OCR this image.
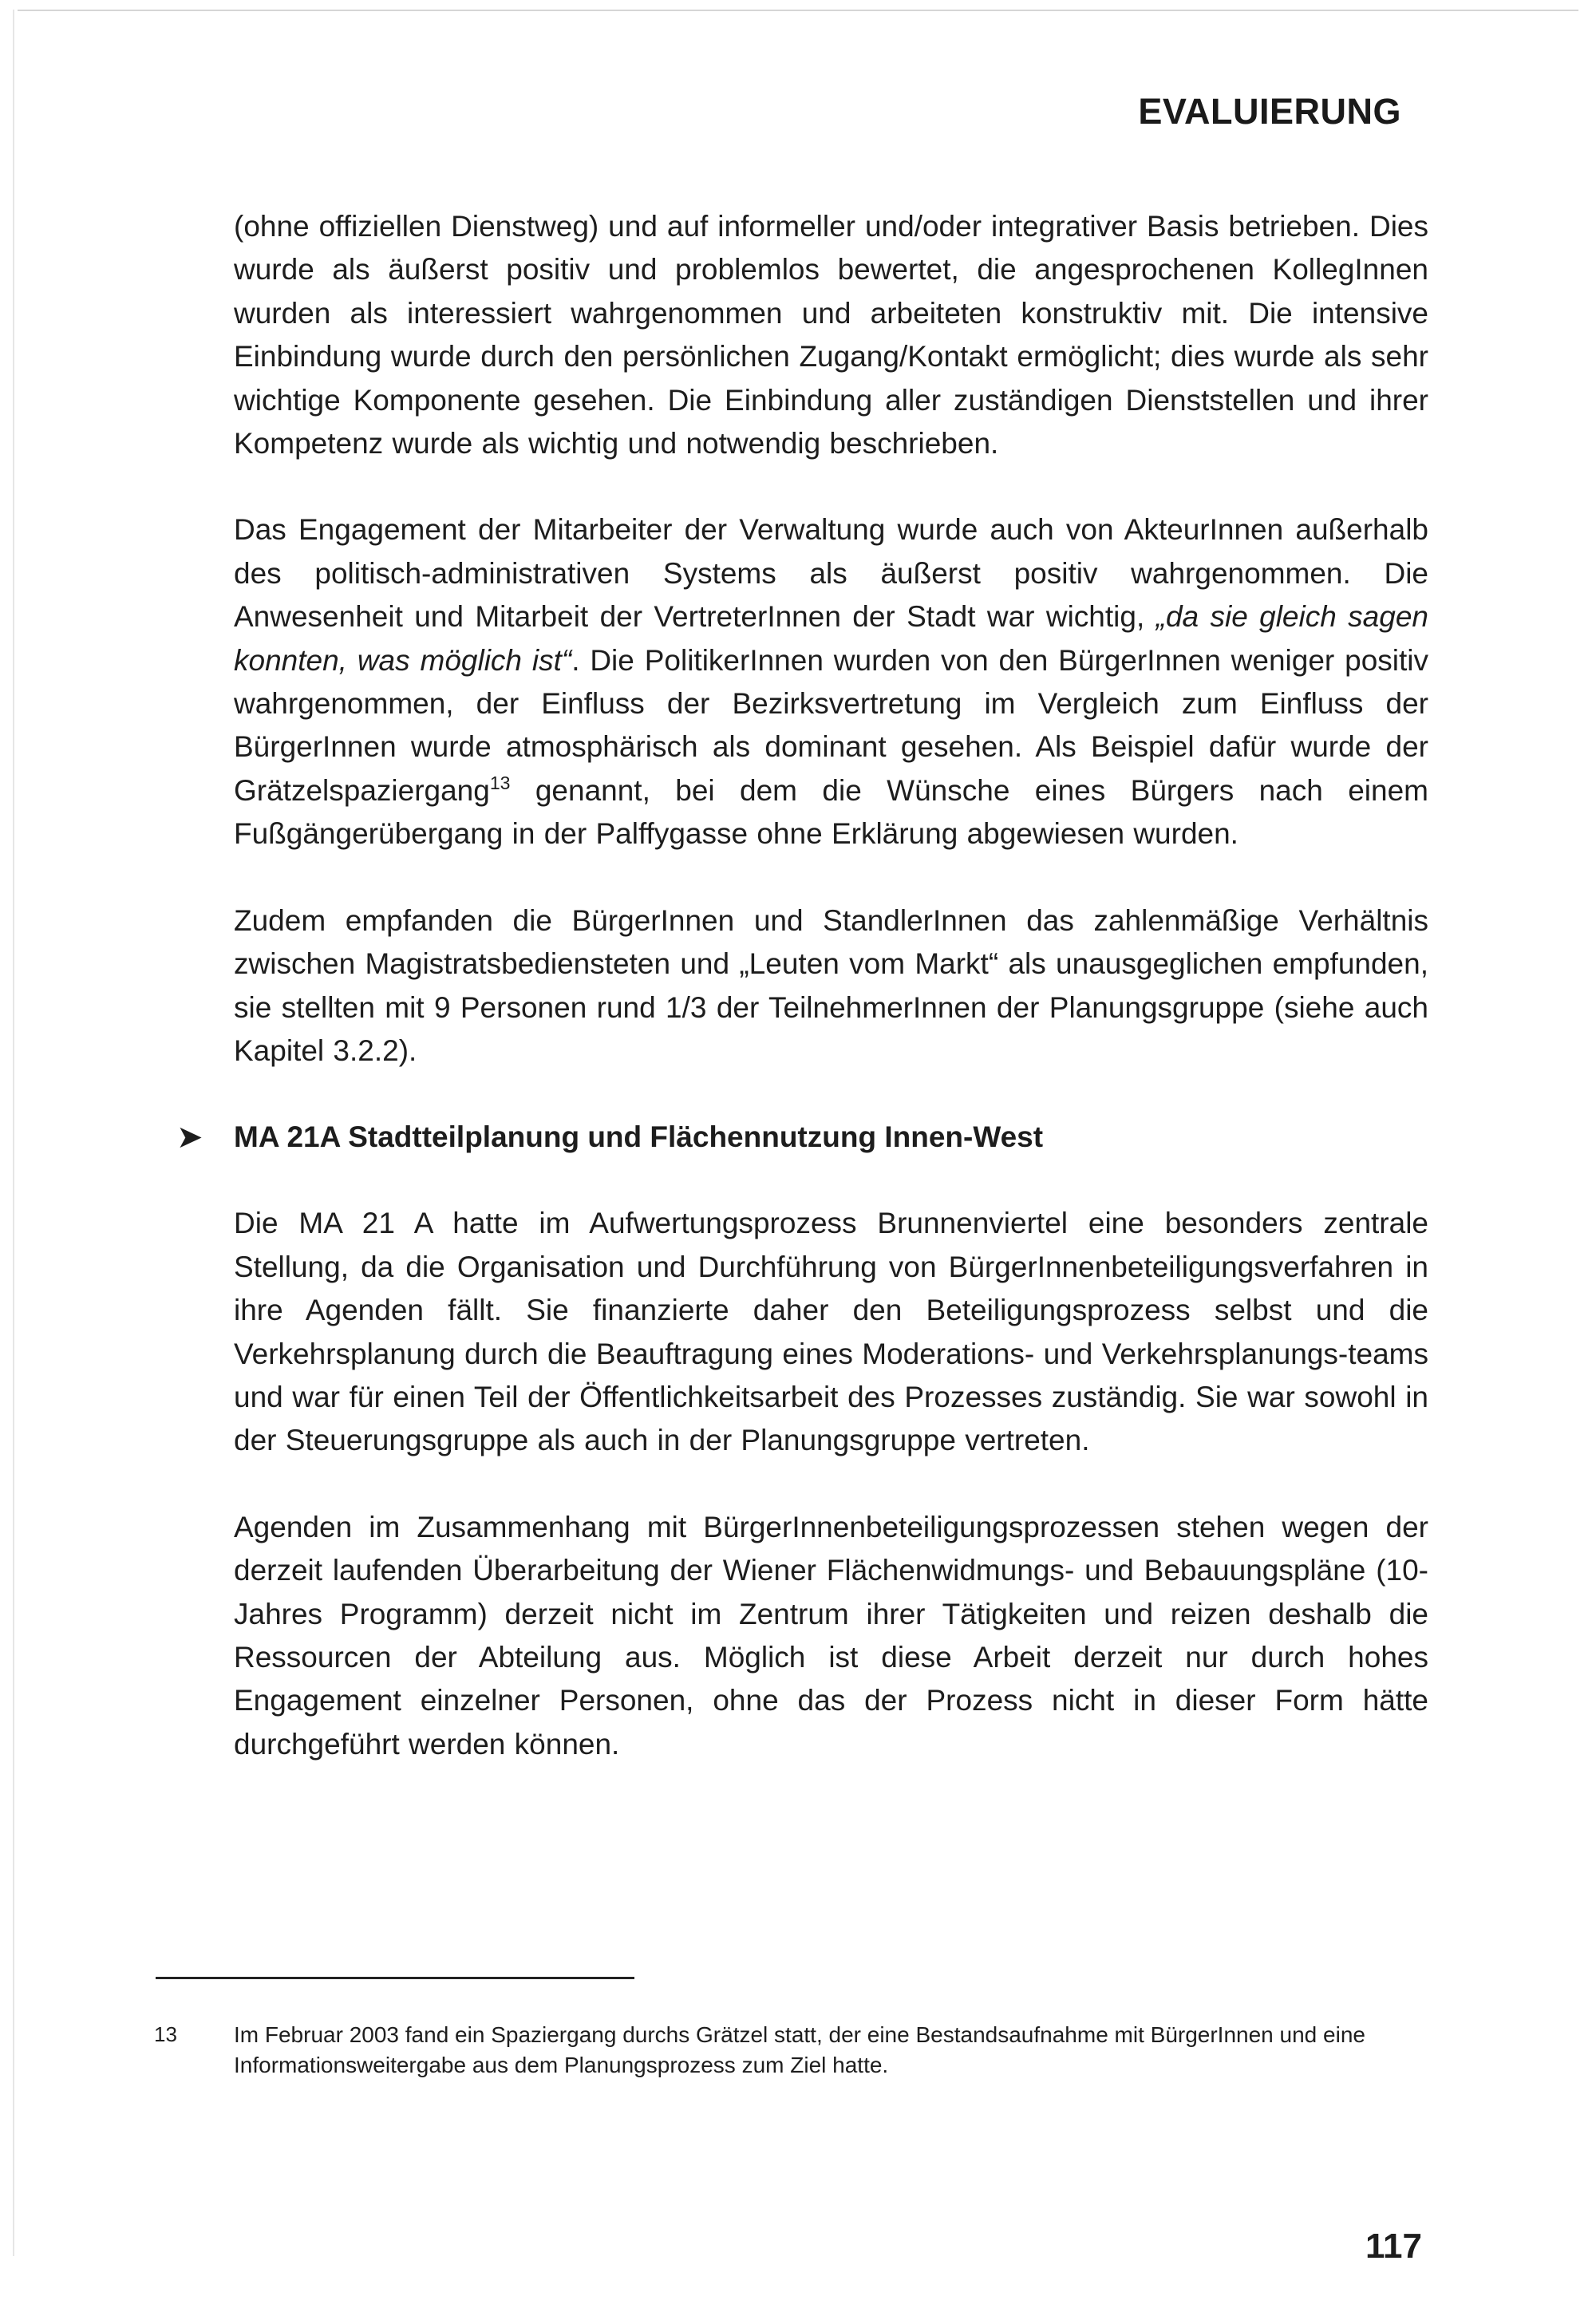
EVALUIERUNG

(ohne offiziellen Dienstweg) und auf informeller und/oder integrativer Basis betrieben. Dies wurde als äußerst positiv und problemlos bewertet, die angesprochenen KollegInnen wurden als interessiert wahrgenommen und arbeiteten konstruktiv mit. Die intensive Einbindung wurde durch den persönlichen Zugang/Kontakt ermöglicht; dies wurde als sehr wichtige Komponente gesehen. Die Einbindung aller zuständigen Dienststellen und ihrer Kompetenz wurde als wichtig und notwendig beschrieben.

Das Engagement der Mitarbeiter der Verwaltung wurde auch von AkteurInnen außerhalb des politisch-administrativen Systems als äußerst positiv wahrgenommen. Die Anwesenheit und Mitarbeit der VertreterInnen der Stadt war wichtig, „da sie gleich sagen konnten, was möglich ist“. Die PolitikerInnen wurden von den BürgerInnen weniger positiv wahrgenommen, der Einfluss der Bezirksvertretung im Vergleich zum Einfluss der BürgerInnen wurde atmosphärisch als dominant gesehen. Als Beispiel dafür wurde der Grätzelspaziergang$^{13}$ genannt, bei dem die Wünsche eines Bürgers nach einem Fußgängerübergang in der Palffygasse ohne Erklärung abgewiesen wurden.

Zudem empfanden die BürgerInnen und StandlerInnen das zahlenmäßige Verhältnis zwischen Magistratsbediensteten und „Leuten vom Markt“ als unausgeglichen empfunden, sie stellten mit 9 Personen rund 1/3 der TeilnehmerInnen der Planungsgruppe (siehe auch Kapitel 3.2.2).

➤ MA 21A Stadtteilplanung und Flächennutzung Innen-West

Die MA 21 A hatte im Aufwertungsprozess Brunnenviertel eine besonders zentrale Stellung, da die Organisation und Durchführung von BürgerInnenbeteiligungsverfahren in ihre Agenden fällt. Sie finanzierte daher den Beteiligungsprozess selbst und die Verkehrsplanung durch die Beauftragung eines Moderations- und Verkehrsplanungs-teams und war für einen Teil der Öffentlichkeitsarbeit des Prozesses zuständig. Sie war sowohl in der Steuerungsgruppe als auch in der Planungsgruppe vertreten.

Agenden im Zusammenhang mit BürgerInnenbeteiligungsprozessen stehen wegen der derzeit laufenden Überarbeitung der Wiener Flächenwidmungs- und Bebauungspläne (10-Jahres Programm) derzeit nicht im Zentrum ihrer Tätigkeiten und reizen deshalb die Ressourcen der Abteilung aus. Möglich ist diese Arbeit derzeit nur durch hohes Engagement einzelner Personen, ohne das der Prozess nicht in dieser Form hätte durchgeführt werden können.

13	Im Februar 2003 fand ein Spaziergang durchs Grätzel statt, der eine Bestandsaufnahme mit BürgerInnen und eine Informationsweitergabe aus dem Planungsprozess zum Ziel hatte.
117
